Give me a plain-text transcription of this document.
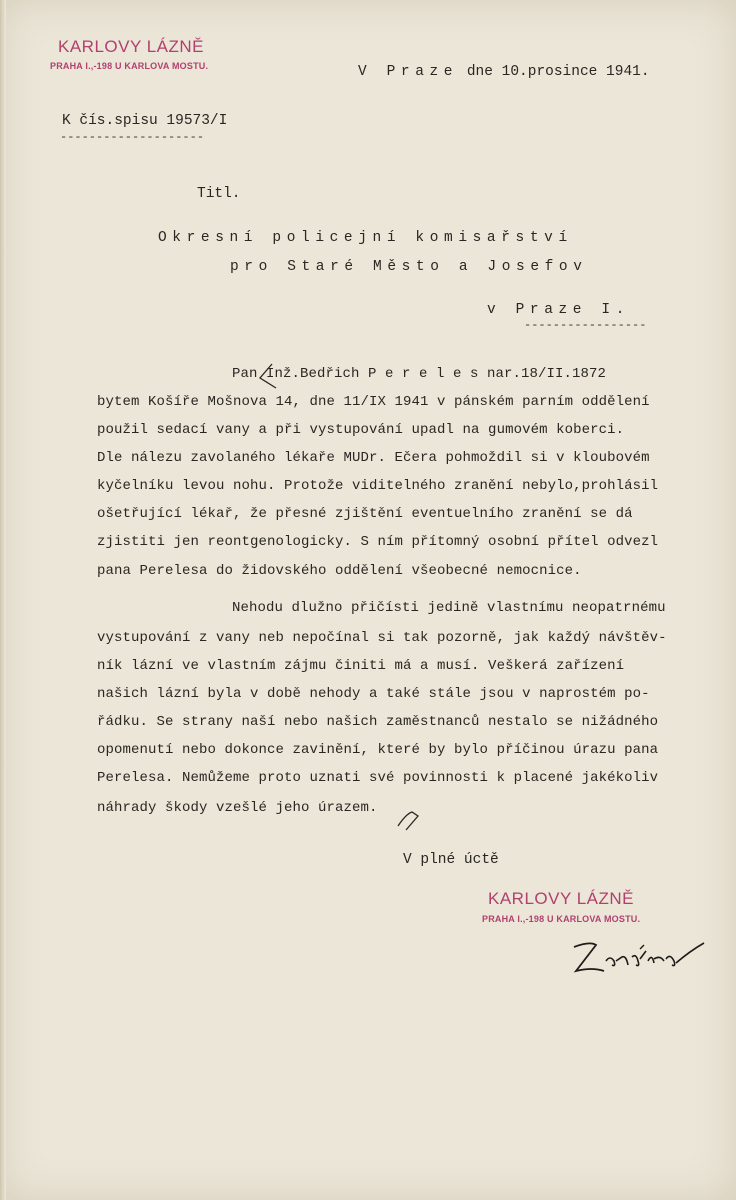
KARLOVY LÁZNĚ
PRAHA I.,-198 U KARLOVA MOSTU.	V Praze dne 10.prosince 1941.
K čís.spisu 19573/I
--------------------
Titl.
Okresní policejní komisařství
pro Staré Město a Josefov
v Praze I.
-----------------
Pan Inž.Bedřich P e r e l e s nar.18/II.1872
bytem Košíře Mošnova 14, dne 11/IX 1941 v pánském parním oddělení
použil sedací vany a při vystupování upadl na gumovém koberci.
Dle nálezu zavolaného lékaře MUDr. Ečera pohmoždil si v kloubovém
kyčelníku levou nohu. Protože viditelného zranění nebylo,prohlásil
ošetřující lékař, že přesné zjištění eventuelního zranění se dá
zjistiti jen reontgenologicky. S ním přítomný osobní přítel odvezl
pana Perelesa do židovského oddělení všeobecné nemocnice.
Nehodu dlužno přičísti jedině vlastnímu neopatrnému
vystupování z vany neb nepočínal si tak pozorně, jak každý návštěv-
ník lázní ve vlastním zájmu činiti má a musí. Veškerá zařízení
našich lázní byla v době nehody a také stále jsou v naprostém po-
řádku. Se strany naší nebo našich zaměstnanců nestalo se nižádného
opomenutí nebo dokonce zavinění, které by bylo příčinou úrazu pana
Perelesa. Nemůžeme proto uznati své povinnosti k placené jakékoliv
náhrady škody vzešlé jeho úrazem.
V plné úctě
KARLOVY LÁZNĚ
PRAHA I.,-198 U KARLOVA MOSTU.
